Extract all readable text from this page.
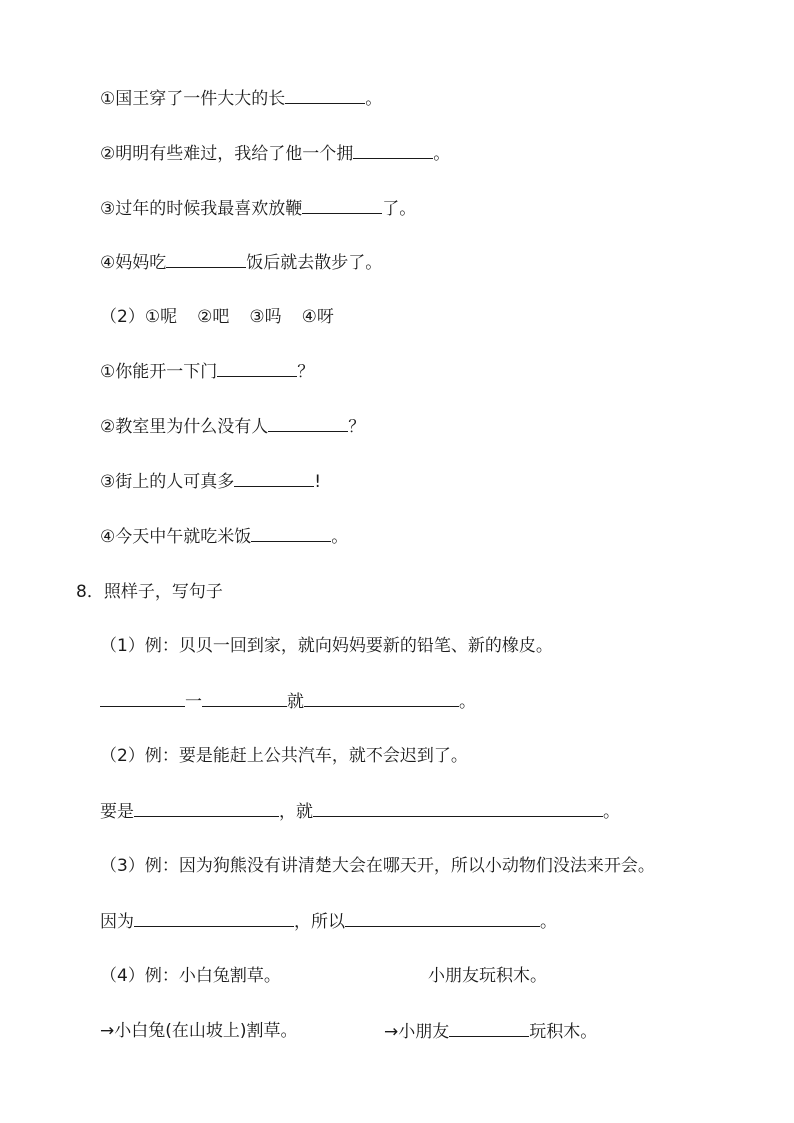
①国王穿了一件大大的长	。
②明明有些难过，我给了他一个拥	。
③过年的时候我最喜欢放鞭	了。
④妈妈吃	饭后就去散步了。
（2）①呢 ②吧 ③吗 ④呀
①你能开一下门	？
②教室里为什么没有人	？
③街上的人可真多	!
④今天中午就吃米饭	。
8．照样子，写句子
（1）例：贝贝一回到家，就向妈妈要新的铅笔、新的橡皮。
一	就	。
（2）例：要是能赶上公共汽车，就不会迟到了。
要是	，就	。
（3）例：因为狗熊没有讲清楚大会在哪天开，所以小动物们没法来开会。
因为	，所以	。
（4）例：小白兔割草。	小朋友玩积木。
→小白兔(在山坡上)割草。	→小朋友	玩积木。
